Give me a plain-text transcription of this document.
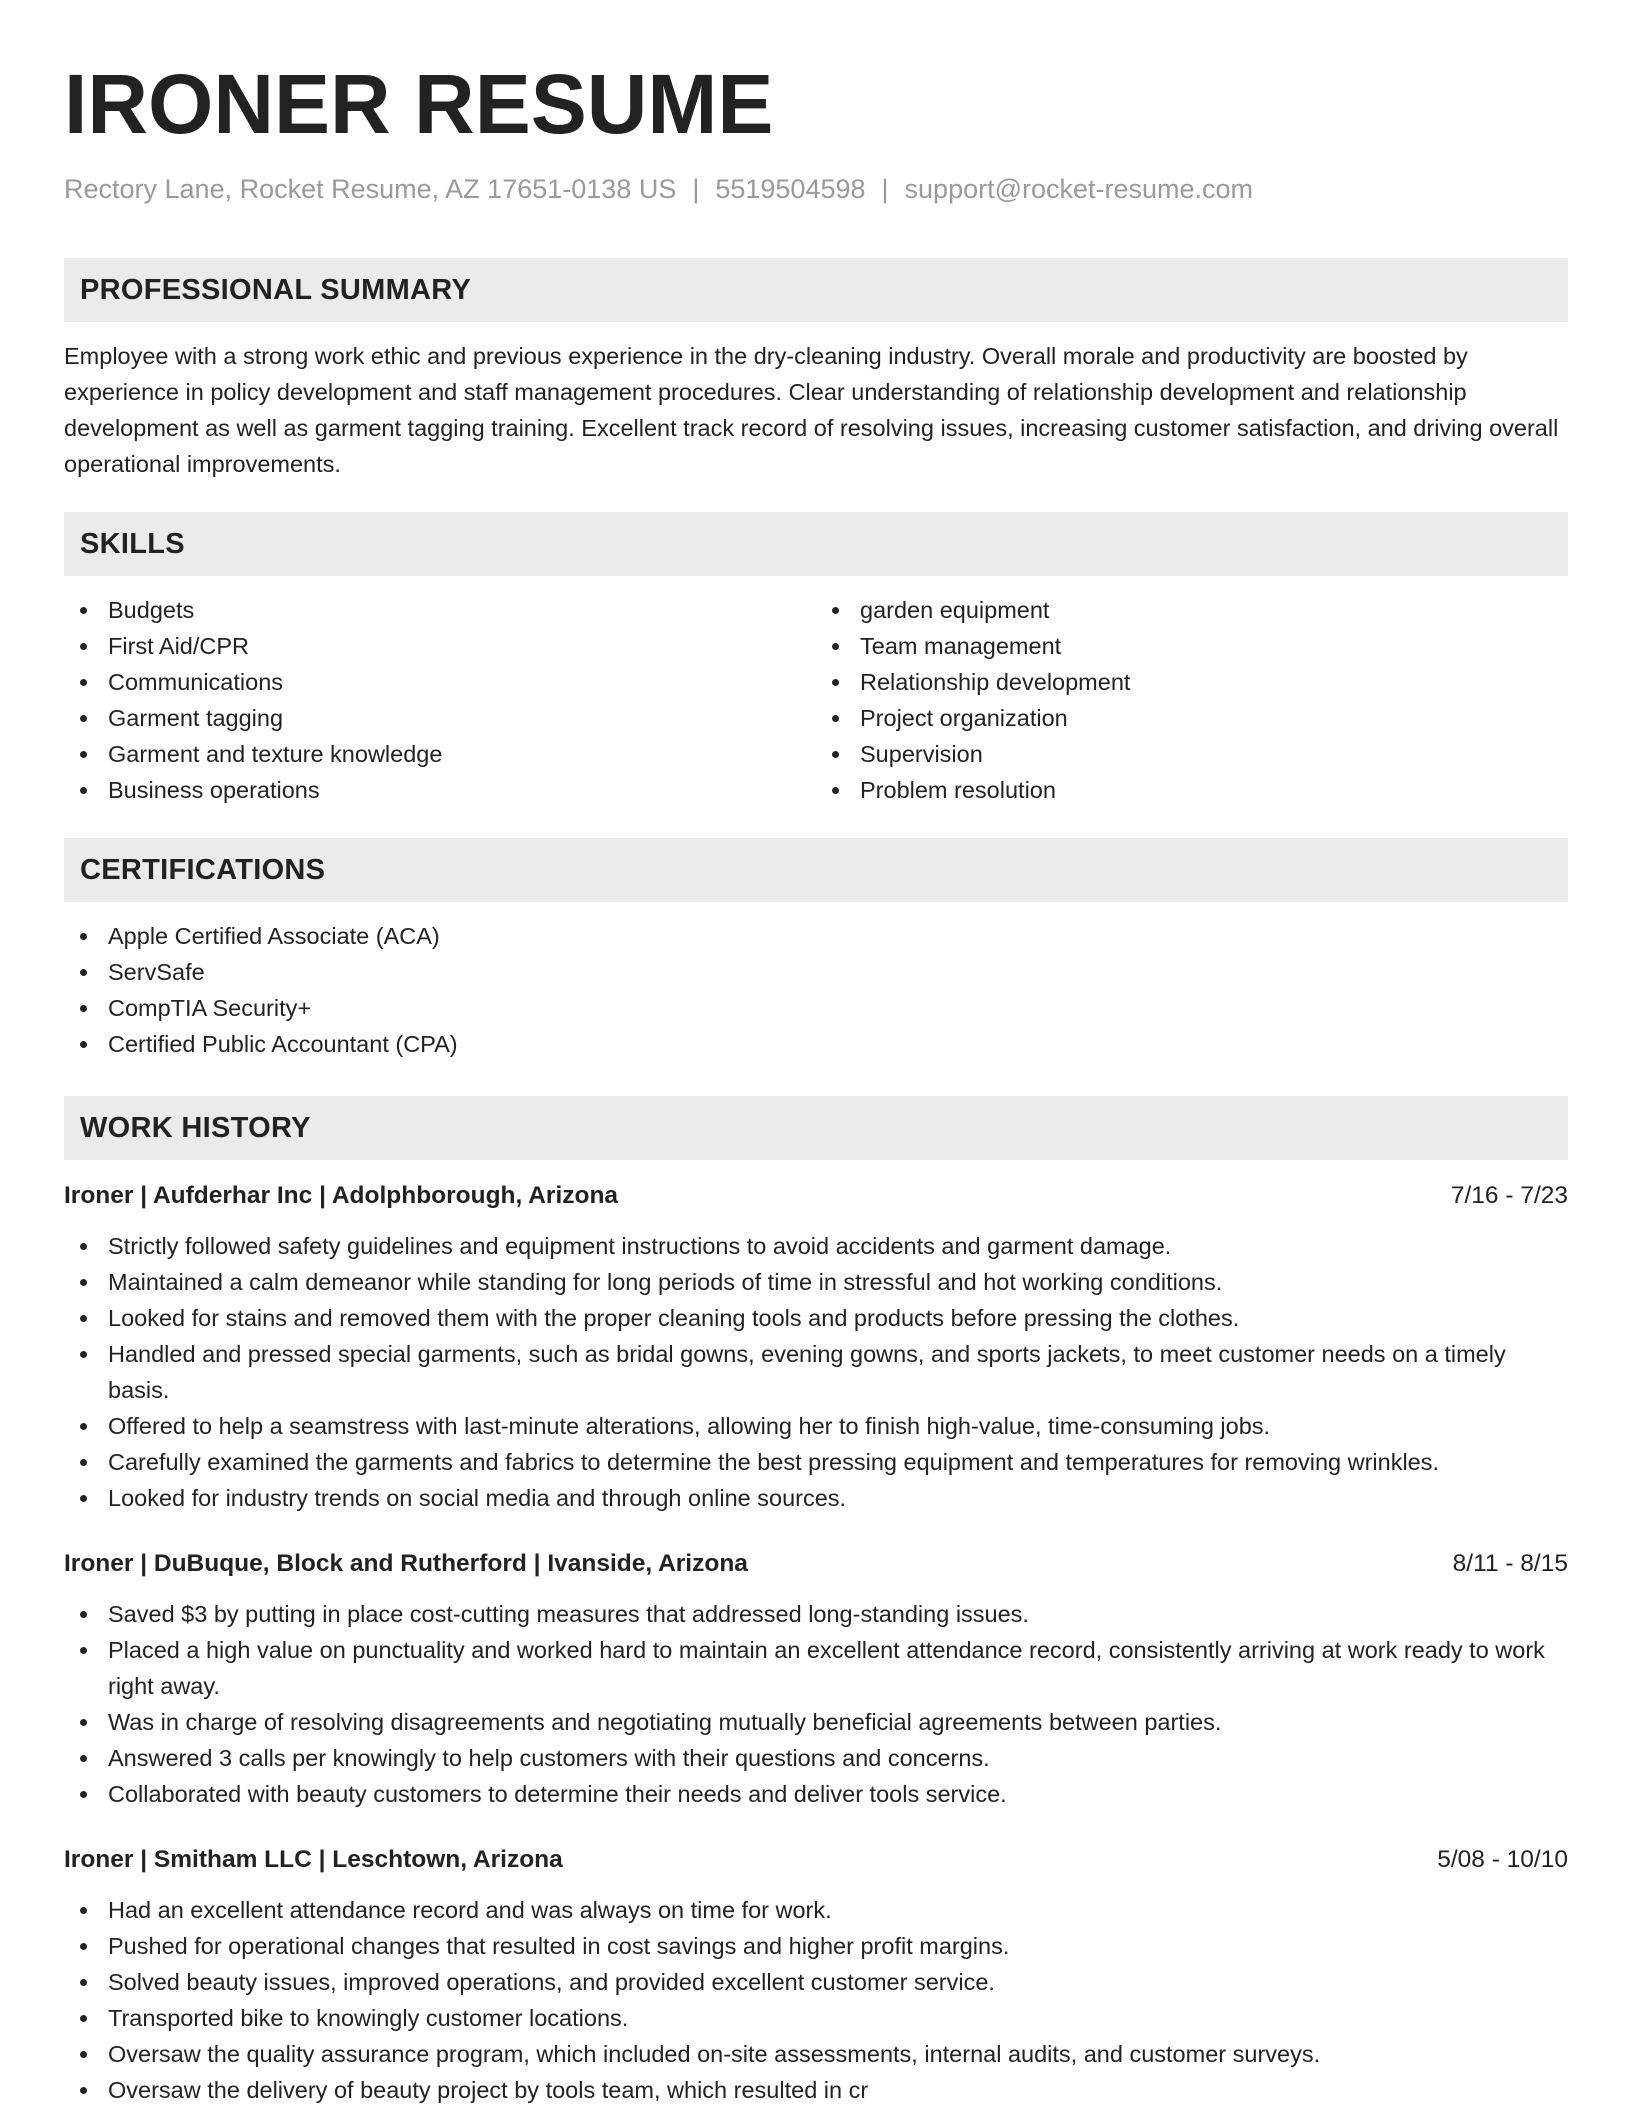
IRONER RESUME
Rectory Lane, Rocket Resume, AZ 17651-0138 US | 5519504598 | support@rocket-resume.com
PROFESSIONAL SUMMARY

Employee with a strong work ethic and previous experience in the dry-cleaning industry. Overall morale and productivity are boosted by experience in policy development and staff management procedures. Clear understanding of relationship development and relationship development as well as garment tagging training. Excellent track record of resolving issues, increasing customer satisfaction, and driving overall operational improvements.

SKILLS
Budgets
First Aid/CPR
Communications
Garment tagging
Garment and texture knowledge
Business operations
garden equipment
Team management
Relationship development
Project organization
Supervision
Problem resolution
CERTIFICATIONS
Apple Certified Associate (ACA)
ServSafe
CompTIA Security+
Certified Public Accountant (CPA)
WORK HISTORY
Ironer | Aufderhar Inc | Adolphborough, Arizona	7/16 - 7/23
Strictly followed safety guidelines and equipment instructions to avoid accidents and garment damage.
Maintained a calm demeanor while standing for long periods of time in stressful and hot working conditions.
Looked for stains and removed them with the proper cleaning tools and products before pressing the clothes.
Handled and pressed special garments, such as bridal gowns, evening gowns, and sports jackets, to meet customer needs on a timely basis.
Offered to help a seamstress with last-minute alterations, allowing her to finish high-value, time-consuming jobs.
Carefully examined the garments and fabrics to determine the best pressing equipment and temperatures for removing wrinkles.
Looked for industry trends on social media and through online sources.
Ironer | DuBuque, Block and Rutherford | Ivanside, Arizona	8/11 - 8/15
Saved $3 by putting in place cost-cutting measures that addressed long-standing issues.
Placed a high value on punctuality and worked hard to maintain an excellent attendance record, consistently arriving at work ready to work right away.
Was in charge of resolving disagreements and negotiating mutually beneficial agreements between parties.
Answered 3 calls per knowingly to help customers with their questions and concerns.
Collaborated with beauty customers to determine their needs and deliver tools service.
Ironer | Smitham LLC | Leschtown, Arizona	5/08 - 10/10
Had an excellent attendance record and was always on time for work.
Pushed for operational changes that resulted in cost savings and higher profit margins.
Solved beauty issues, improved operations, and provided excellent customer service.
Transported bike to knowingly customer locations.
Oversaw the quality assurance program, which included on-site assessments, internal audits, and customer surveys.
Oversaw the delivery of beauty project by tools team, which resulted in cr
